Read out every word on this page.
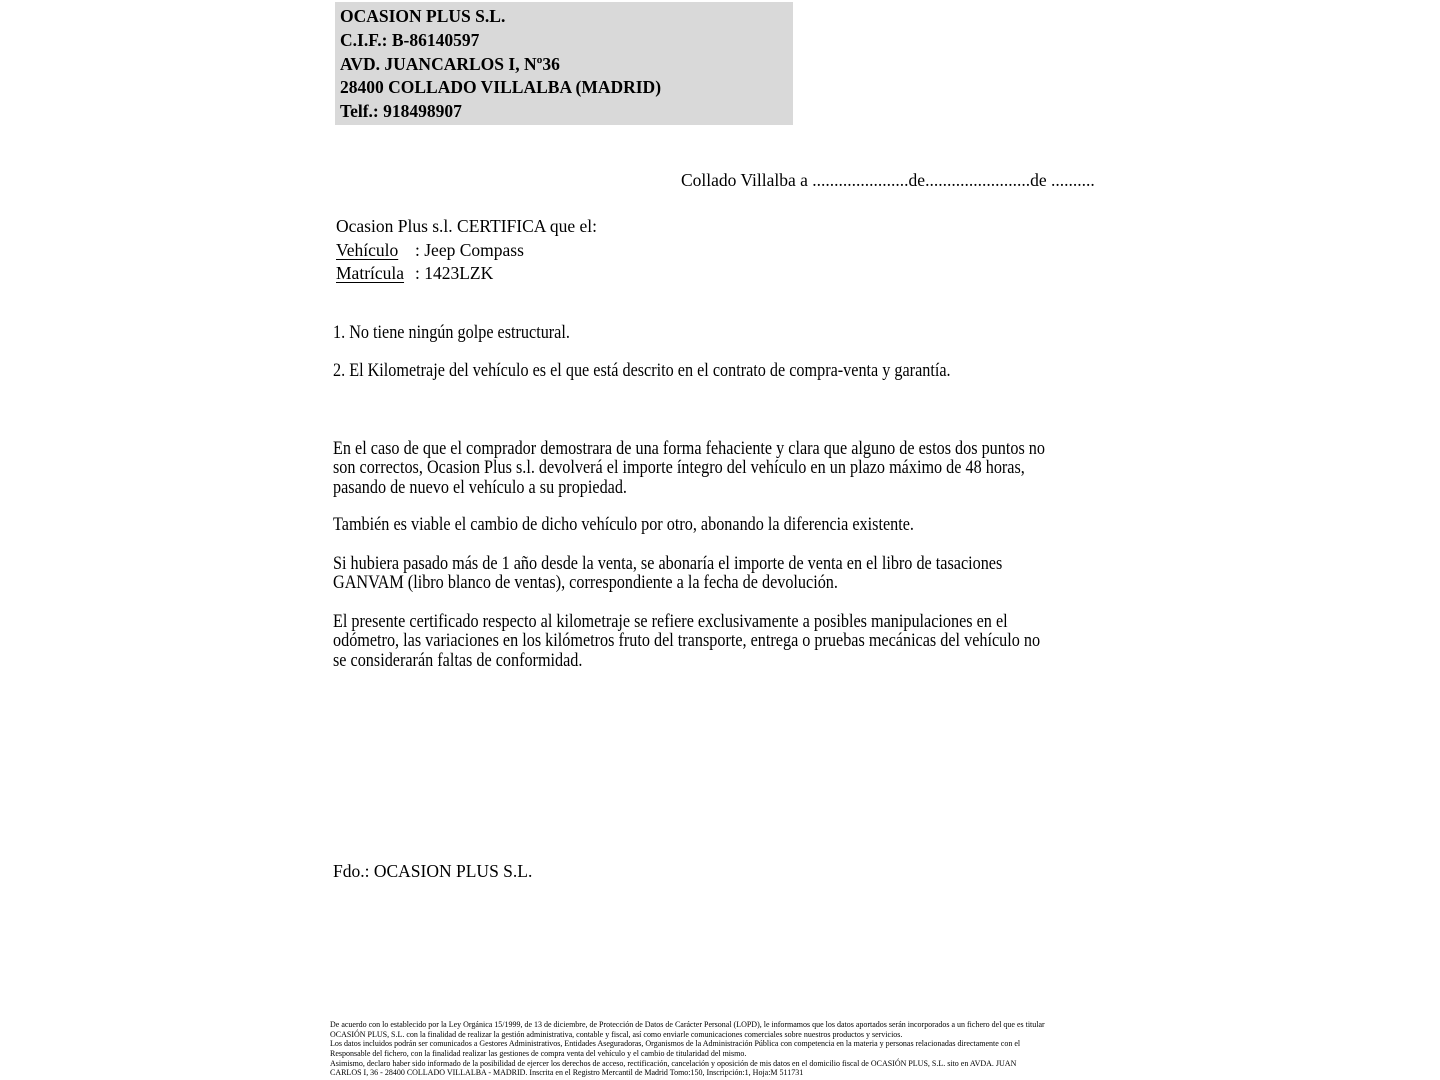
OCASION PLUS S.L.
C.I.F.: B-86140597
AVD. JUANCARLOS I, Nº36
28400 COLLADO VILLALBA (MADRID)
Telf.: 918498907
Collado Villalba a ......................de........................de ..........
Ocasion Plus s.l. CERTIFICA que el:
Vehículo : Jeep Compass
Matrícula : 1423LZK
1. No tiene ningún golpe estructural.
2. El Kilometraje del vehículo es el que está descrito en el contrato de compra-venta y garantía.
En el caso de que el comprador demostrara de una forma fehaciente y clara que alguno de estos dos puntos no
son correctos, Ocasion Plus s.l. devolverá el importe íntegro del vehículo en un plazo máximo de 48 horas,
pasando de nuevo el vehículo a su propiedad.
También es viable el cambio de dicho vehículo por otro, abonando la diferencia existente.
Si hubiera pasado más de 1 año desde la venta, se abonaría el importe de venta en el libro de tasaciones
GANVAM (libro blanco de ventas), correspondiente a la fecha de devolución.
El presente certificado respecto al kilometraje se refiere exclusivamente a posibles manipulaciones en el
odómetro, las variaciones en los kilómetros fruto del transporte, entrega o pruebas mecánicas del vehículo no
se considerarán faltas de conformidad.
Fdo.: OCASION PLUS S.L.
De acuerdo con lo establecido por la Ley Orgánica 15/1999, de 13 de diciembre, de Protección de Datos de Carácter Personal (LOPD), le informamos que los datos aportados serán incorporados a un fichero del que es titular
OCASIÓN PLUS, S.L. con la finalidad de realizar la gestión administrativa, contable y fiscal, así como enviarle comunicaciones comerciales sobre nuestros productos y servicios.
Los datos incluidos podrán ser comunicados a Gestores Administrativos, Entidades Aseguradoras, Organismos de la Administración Pública con competencia en la materia y personas relacionadas directamente con el
Responsable del fichero, con la finalidad realizar las gestiones de compra venta del vehículo y el cambio de titularidad del mismo.
Asimismo, declaro haber sido informado de la posibilidad de ejercer los derechos de acceso, rectificación, cancelación y oposición de mis datos en el domicilio fiscal de OCASIÓN PLUS, S.L. sito en AVDA. JUAN
CARLOS I, 36 - 28400 COLLADO VILLALBA - MADRID. Inscrita en el Registro Mercantil de Madrid Tomo:150, Inscripción:1, Hoja:M 511731
